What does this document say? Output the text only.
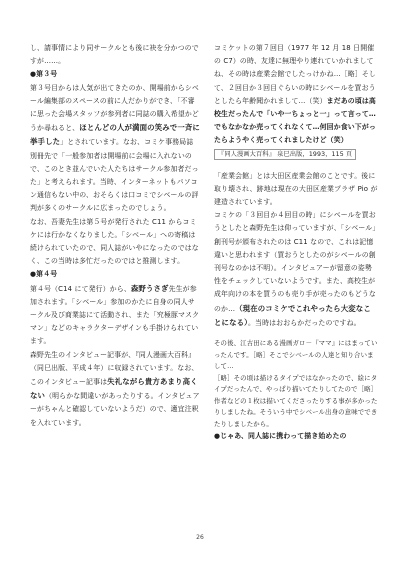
し、請事情により同サークルとも後に袂を分かつのですが……。

●第３号

第３号目からは人気が出てきたのか、開場前からシベール編集部のスペースの前に人だかりができ、「不審に思った会場スタッフが参列者に同誌の購入希望かどうか尋ねると、ほとんどの人が満面の笑みで一斉に挙手した」とされています。なお、コミケ事務局誌別冊先で「一般参加者は開場前に会場に入れないので、このとき並んでいた人たちはサークル参加者だった」と考えられます。当時、インターネットもパソコン通信もない中の、おそらくは口コミでシベールの評判が多くのサークルに広まったのでしょう。

なお、吾妻先生は第５号が発行された C11 からコミケには行かなくなりました。「シベール」への寄稿は続けられていたので、同人誌がいやになったのではなく、この当時は多忙だったのではと推測します。

●第４号

第４号（C14 にて発行）から、森野うさぎ先生が参加されます。「シベール」参加のかたに自身の同人サークル及び商業誌にて活動され、また「究極豚マスクマン」などのキャラクターデザインも手掛けられています。

森野先生のインタビュー記事が、『同人漫画大百科』（同巳出版、平成４年）に収録されています。なお、このインタビュー記事は失礼ながら貴方あまり高くない（明らかな間違いがあったりする。インタビュアーがちゃんと確認していないようだ）ので、適宜注釈を入れています。

コミケットの第７回目（1977 年 12 月 18 日開催の C7）の時、友達に無理やり連れていかれましてね、その時は産業会館でしたっけかね…［略］そして、２回目か３回目ぐらいの時にシベールを買おうとしたら年齢聞かれまして…（笑）まだあの頃は高校生だったんで「いや一ちょっと一」って言って…でもなかなか売ってくれなくて…何回か食い下がったらようやく売ってくれましたけど（笑）

『同人漫画大百科』 泉巳出版，1993，115 頁

「産業会館」とは大田区産業会館のことです。後に取り壊され、跡地は現在の大田区産業プラザ Pio が建造されています。

コミケの「３回目か４回目の時」にシベールを買おうとしたと森野先生は仰っていますが、「シベール」創刊号が頒布されたのは C11 なので、これは記憶違いと思われます（買おうとしたのがシベールの創刊号なのかは不明）。インタビュアーが留意の姿勢性をチェックしていないようです。また、高校生が成年向けの本を買うのも売り手が売ったのもどうなのか…（現在のコミケでこれやったら大変なことになる）。当時はおおらかだったのですね。

その後、江古田にある漫画ガロ－『ママ』にはまっていったんです。［略］そこでシベールの人達と知り合いまして…

［略］その頃は描けるタイプではなかったので、絵にタイプだったんで、やっぱり描いてたりしてたので［略］作者などの１枚は描いてくださったりする事が多かったりしましたね。そういう中でシベール出身の意味でできたりしましたから。

●じゃあ、同人誌に携わって描き始めたの

26
